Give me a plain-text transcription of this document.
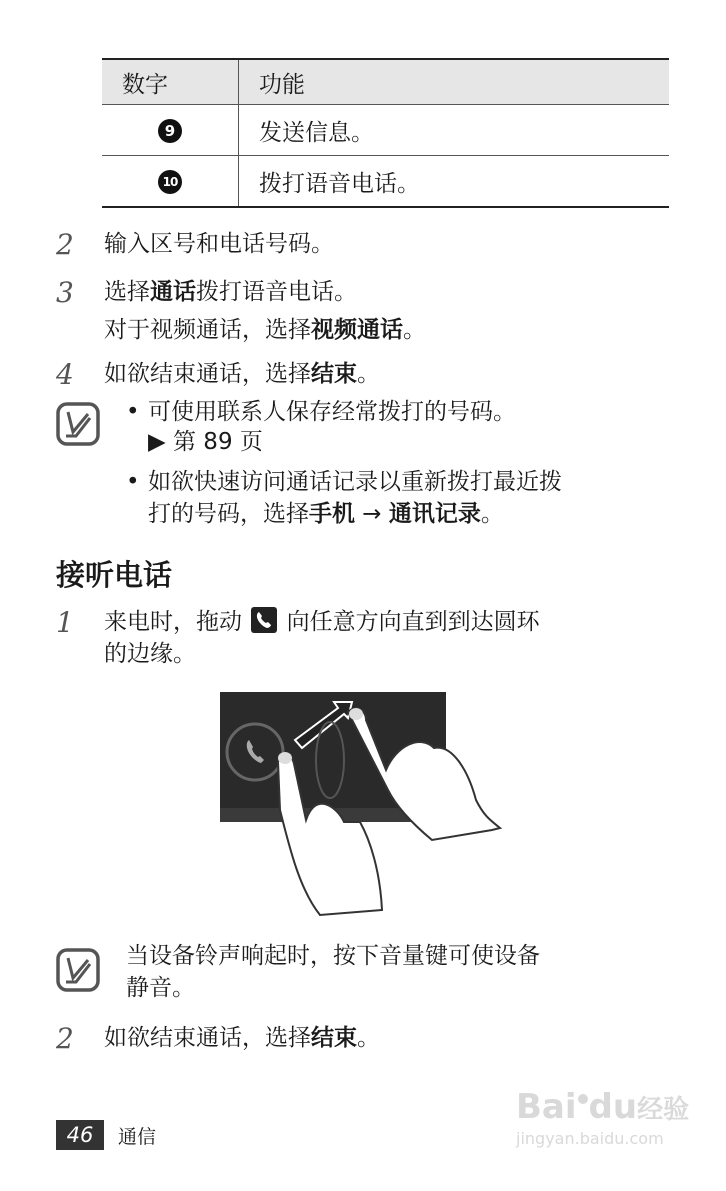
数字	功能
9	发送信息。
10	拨打语音电话。
2 输入区号和电话号码。
3 选择通话拨打语音电话。
对于视频通话，选择视频通话。
4 如欲结束通话，选择结束。
• 可使用联系人保存经常拨打的号码。
▶ 第 89 页
• 如欲快速访问通话记录以重新拨打最近拨
打的号码，选择手机 → 通讯记录。
接听电话
1 来电时，拖动 向任意方向直到到达圆环
的边缘。
当设备铃声响起时，按下音量键可使设备
静音。
2 如欲结束通话，选择结束。
46	通信
Bai du经验
jingyan.baidu.com
